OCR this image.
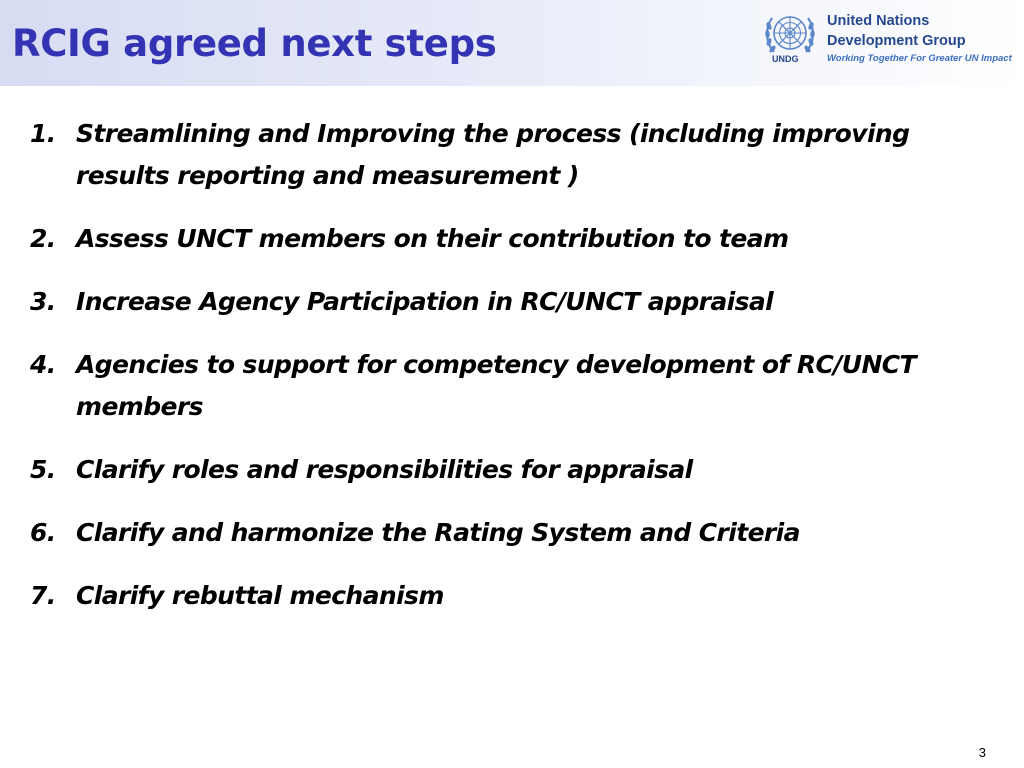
RCIG agreed next steps	UNDG
United Nations
Development Group
Working Together For Greater UN Impact
1. Streamlining and Improving the process (including improving results reporting and measurement )
2. Assess UNCT members on their contribution to team
3. Increase Agency Participation in RC/UNCT appraisal
4. Agencies to support for competency development of RC/UNCT members
5. Clarify roles and responsibilities for appraisal
6. Clarify and harmonize the Rating System and Criteria
7. Clarify rebuttal mechanism
3
